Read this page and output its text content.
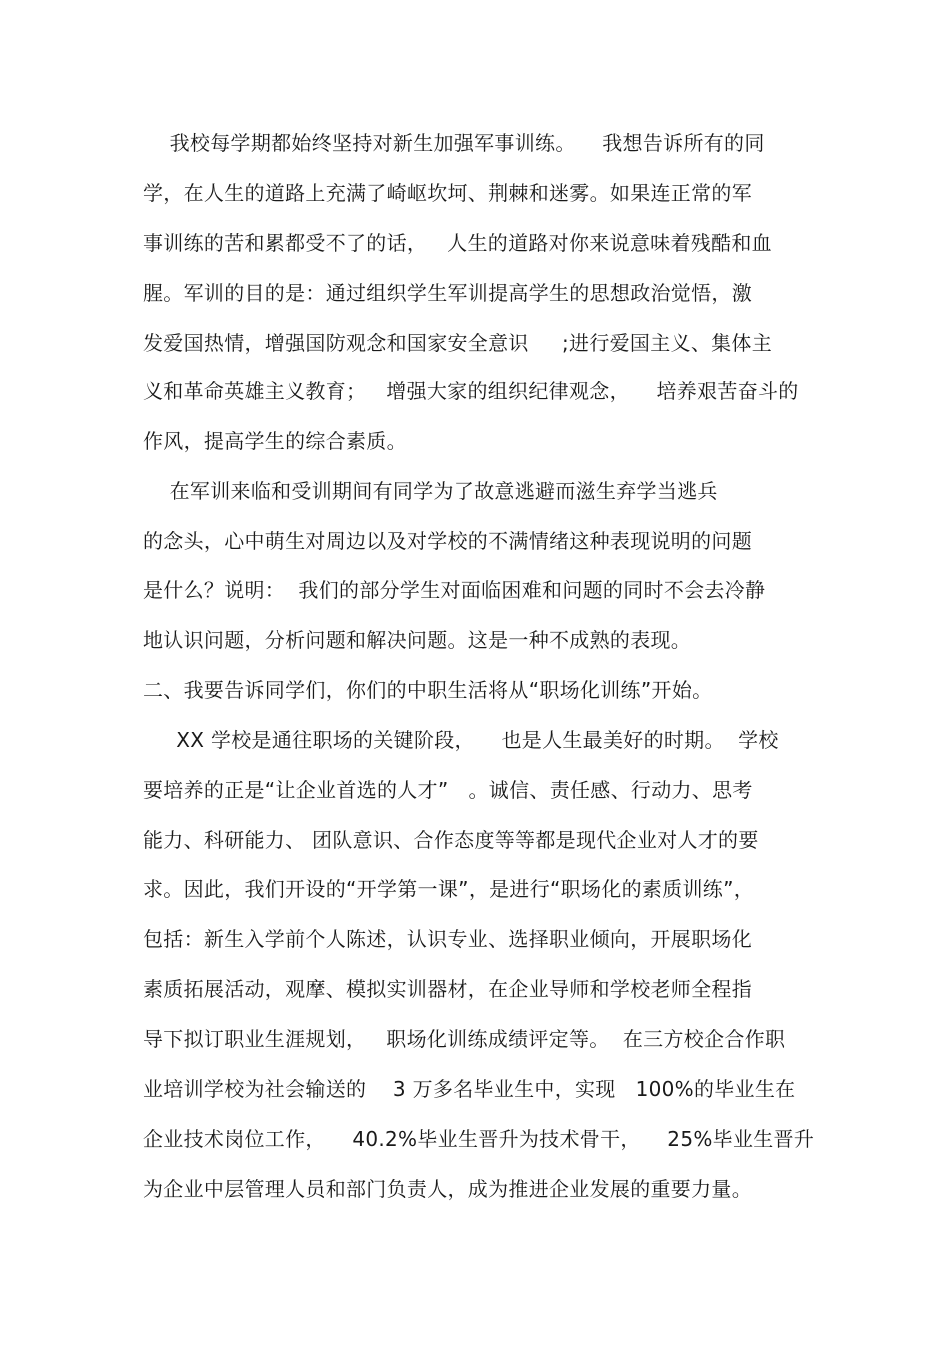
我校每学期都始终坚持对新生加强军事训练。    我想告诉所有的同
学，在人生的道路上充满了崎岖坎坷、荆棘和迷雾。如果连正常的军
事训练的苦和累都受不了的话，   人生的道路对你来说意味着残酷和血
腥。军训的目的是：通过组织学生军训提高学生的思想政治觉悟，激
发爱国热情，增强国防观念和国家安全意识     ;进行爱国主义、集体主
义和革命英雄主义教育；   增强大家的组织纪律观念，    培养艰苦奋斗的
作风，提高学生的综合素质。
在军训来临和受训期间有同学为了故意逃避而滋生弃学当逃兵
的念头，心中萌生对周边以及对学校的不满情绪这种表现说明的问题
是什么？说明：  我们的部分学生对面临困难和问题的同时不会去冷静
地认识问题，分析问题和解决问题。这是一种不成熟的表现。
二、我要告诉同学们，你们的中职生活将从“职场化训练”开始。
XX 学校是通往职场的关键阶段，    也是人生最美好的时期。  学校
要培养的正是“让企业首选的人才”   。诚信、责任感、行动力、思考
能力、科研能力、 团队意识、合作态度等等都是现代企业对人才的要
求。因此，我们开设的“开学第一课”，是进行“职场化的素质训练”，
包括：新生入学前个人陈述，认识专业、选择职业倾向，开展职场化
素质拓展活动，观摩、模拟实训器材，在企业导师和学校老师全程指
导下拟订职业生涯规划，   职场化训练成绩评定等。  在三方校企合作职
业培训学校为社会输送的    3 万多名毕业生中，实现   100%的毕业生在
企业技术岗位工作，    40.2%毕业生晋升为技术骨干，    25%毕业生晋升
为企业中层管理人员和部门负责人，成为推进企业发展的重要力量。
